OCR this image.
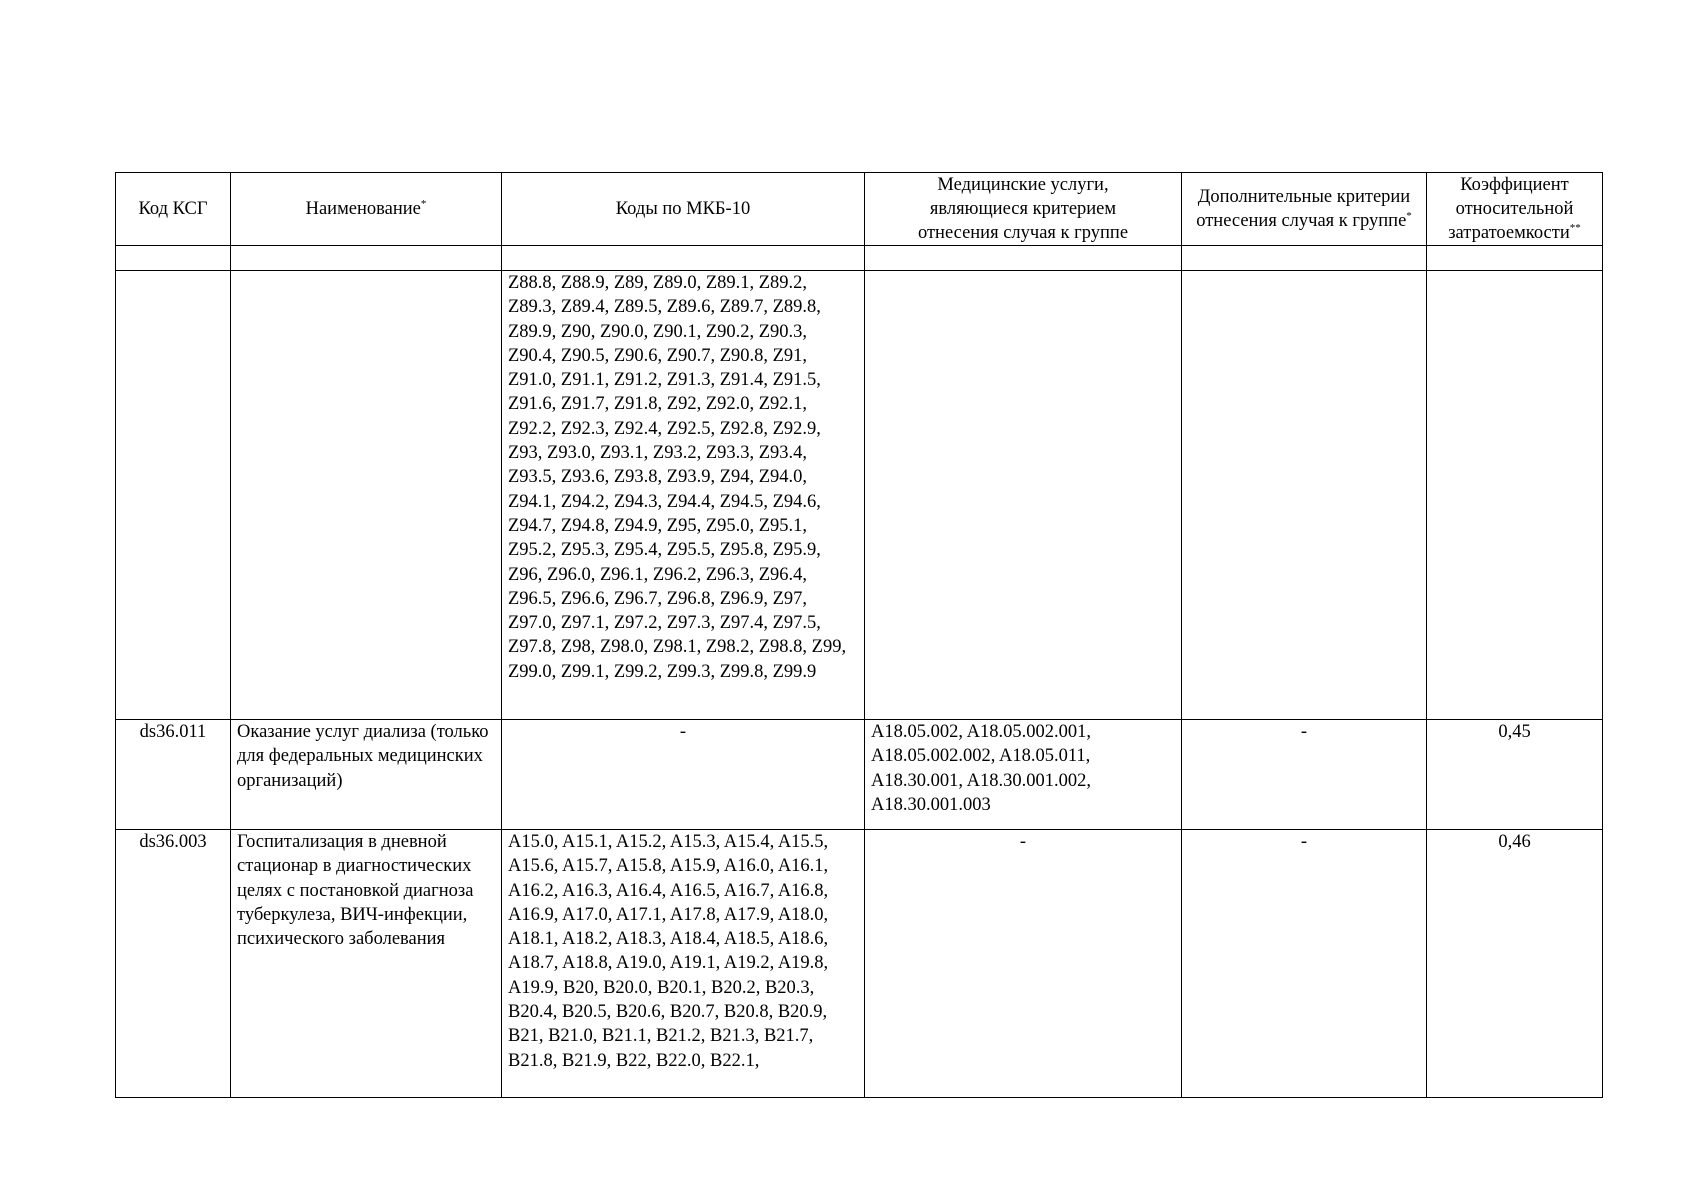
Код КСГ	Наименование*	Коды по МКБ-10	Медицинские услуги, являющиеся критерием отнесения случая к группе	Дополнительные критерии отнесения случая к группе*	Коэффициент относительной затратоемкости**

		Z88.8, Z88.9, Z89, Z89.0, Z89.1, Z89.2, Z89.3, Z89.4, Z89.5, Z89.6, Z89.7, Z89.8, Z89.9, Z90, Z90.0, Z90.1, Z90.2, Z90.3, Z90.4, Z90.5, Z90.6, Z90.7, Z90.8, Z91, Z91.0, Z91.1, Z91.2, Z91.3, Z91.4, Z91.5, Z91.6, Z91.7, Z91.8, Z92, Z92.0, Z92.1, Z92.2, Z92.3, Z92.4, Z92.5, Z92.8, Z92.9, Z93, Z93.0, Z93.1, Z93.2, Z93.3, Z93.4, Z93.5, Z93.6, Z93.8, Z93.9, Z94, Z94.0, Z94.1, Z94.2, Z94.3, Z94.4, Z94.5, Z94.6, Z94.7, Z94.8, Z94.9, Z95, Z95.0, Z95.1, Z95.2, Z95.3, Z95.4, Z95.5, Z95.8, Z95.9, Z96, Z96.0, Z96.1, Z96.2, Z96.3, Z96.4, Z96.5, Z96.6, Z96.7, Z96.8, Z96.9, Z97, Z97.0, Z97.1, Z97.2, Z97.3, Z97.4, Z97.5, Z97.8, Z98, Z98.0, Z98.1, Z98.2, Z98.8, Z99, Z99.0, Z99.1, Z99.2, Z99.3, Z99.8, Z99.9			
ds36.011	Оказание услуг диализа (только для федеральных медицинских организаций)	-	A18.05.002, A18.05.002.001, A18.05.002.002, A18.05.011, A18.30.001, A18.30.001.002, A18.30.001.003	-	0,45
ds36.003	Госпитализация в дневной стационар в диагностических целях с постановкой диагноза туберкулеза, ВИЧ-инфекции, психического заболевания	A15.0, A15.1, A15.2, A15.3, A15.4, A15.5, A15.6, A15.7, A15.8, A15.9, A16.0, A16.1, A16.2, A16.3, A16.4, A16.5, A16.7, A16.8, A16.9, A17.0, A17.1, A17.8, A17.9, A18.0, A18.1, A18.2, A18.3, A18.4, A18.5, A18.6, A18.7, A18.8, A19.0, A19.1, A19.2, A19.8, A19.9, B20, B20.0, B20.1, B20.2, B20.3, B20.4, B20.5, B20.6, B20.7, B20.8, B20.9, B21, B21.0, B21.1, B21.2, B21.3, B21.7, B21.8, B21.9, B22, B22.0, B22.1,	-	-	0,46
